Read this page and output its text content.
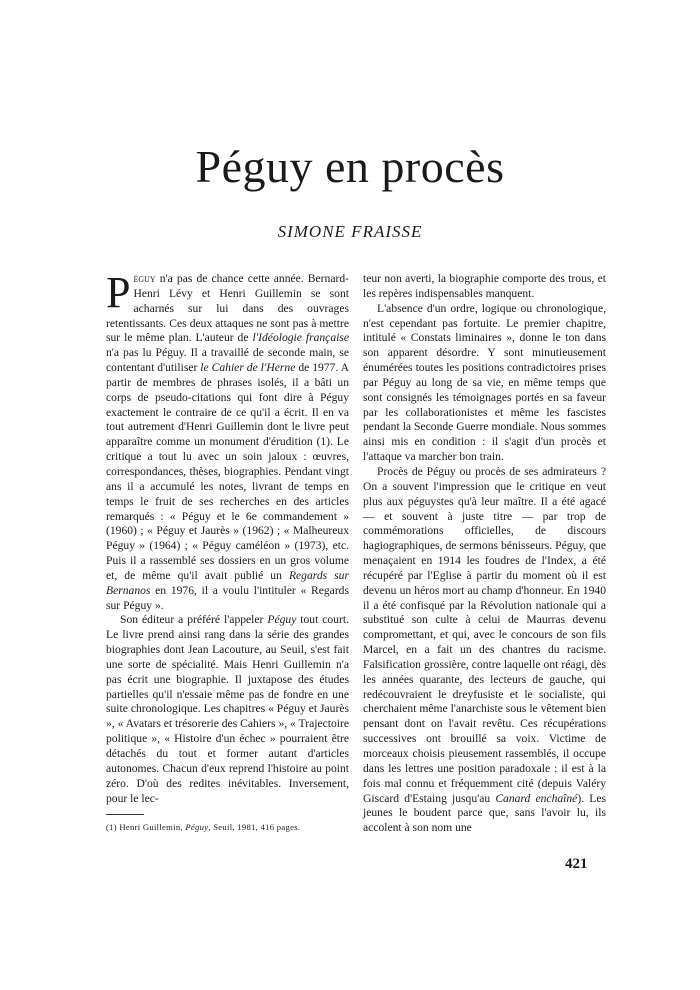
Péguy en procès
SIMONE FRAISSE

Péguy n'a pas de chance cette année. Bernard-Henri Lévy et Henri Guillemin se sont acharnés sur lui dans des ouvrages retentissants. Ces deux attaques ne sont pas à mettre sur le même plan. L'auteur de l'Idéologie française n'a pas lu Péguy. Il a travaillé de seconde main, se contentant d'utiliser le Cahier de l'Herne de 1977. A partir de membres de phrases isolés, il a bâti un corps de pseudo-citations qui font dire à Péguy exactement le contraire de ce qu'il a écrit. Il en va tout autrement d'Henri Guillemin dont le livre peut apparaître comme un monument d'érudition (1). Le critique a tout lu avec un soin jaloux : œuvres, correspondances, thèses, biographies. Pendant vingt ans il a accumulé les notes, livrant de temps en temps le fruit de ses recherches en des articles remarqués : « Péguy et le 6e commandement » (1960) ; « Péguy et Jaurès » (1962) ; « Malheureux Péguy » (1964) ; « Péguy caméléon » (1973), etc. Puis il a rassemblé ses dossiers en un gros volume et, de même qu'il avait publié un Regards sur Bernanos en 1976, il a voulu l'intituler « Regards sur Péguy ».

Son éditeur a préféré l'appeler Péguy tout court. Le livre prend ainsi rang dans la série des grandes biographies dont Jean Lacouture, au Seuil, s'est fait une sorte de spécialité. Mais Henri Guillemin n'a pas écrit une biographie. Il juxtapose des études partielles qu'il n'essaie même pas de fondre en une suite chronologique. Les chapitres « Péguy et Jaurès », « Avatars et trésorerie des Cahiers », « Trajectoire politique », « Histoire d'un échec » pourraient être détachés du tout et former autant d'articles autonomes. Chacun d'eux reprend l'histoire au point zéro. D'où des redites inévitables. Inversement, pour le lec-

teur non averti, la biographie comporte des trous, et les repères indispensables manquent.

L'absence d'un ordre, logique ou chronologique, n'est cependant pas fortuite. Le premier chapitre, intitulé « Constats liminaires », donne le ton dans son apparent désordre. Y sont minutieusement énumérées toutes les positions contradictoires prises par Péguy au long de sa vie, en même temps que sont consignés les témoignages portés en sa faveur par les collaborationistes et même les fascistes pendant la Seconde Guerre mondiale. Nous sommes ainsi mis en condition : il s'agit d'un procès et l'attaque va marcher bon train.

Procès de Péguy ou procès de ses admirateurs ? On a souvent l'impression que le critique en veut plus aux péguystes qu'à leur maître. Il a été agacé — et souvent à juste titre — par trop de commémorations officielles, de discours hagiographiques, de sermons bénisseurs. Péguy, que menaçaient en 1914 les foudres de l'Index, a été récupéré par l'Eglise à partir du moment où il est devenu un héros mort au champ d'honneur. En 1940 il a été confisqué par la Révolution nationale qui a substitué son culte à celui de Maurras devenu compromettant, et qui, avec le concours de son fils Marcel, en a fait un des chantres du racisme. Falsification grossière, contre laquelle ont réagi, dès les années quarante, des lecteurs de gauche, qui redécouvraient le dreyfusiste et le socialiste, qui cherchaient même l'anarchiste sous le vêtement bien pensant dont on l'avait revêtu. Ces récupérations successives ont brouillé sa voix. Victime de morceaux choisis pieusement rassemblés, il occupe dans les lettres une position paradoxale : il est à la fois mal connu et fréquemment cité (depuis Valéry Giscard d'Estaing jusqu'au Canard enchaîné). Les jeunes le boudent parce que, sans l'avoir lu, ils accolent à son nom une

(1) Henri Guillemin, Péguy, Seuil, 1981, 416 pages.
421
